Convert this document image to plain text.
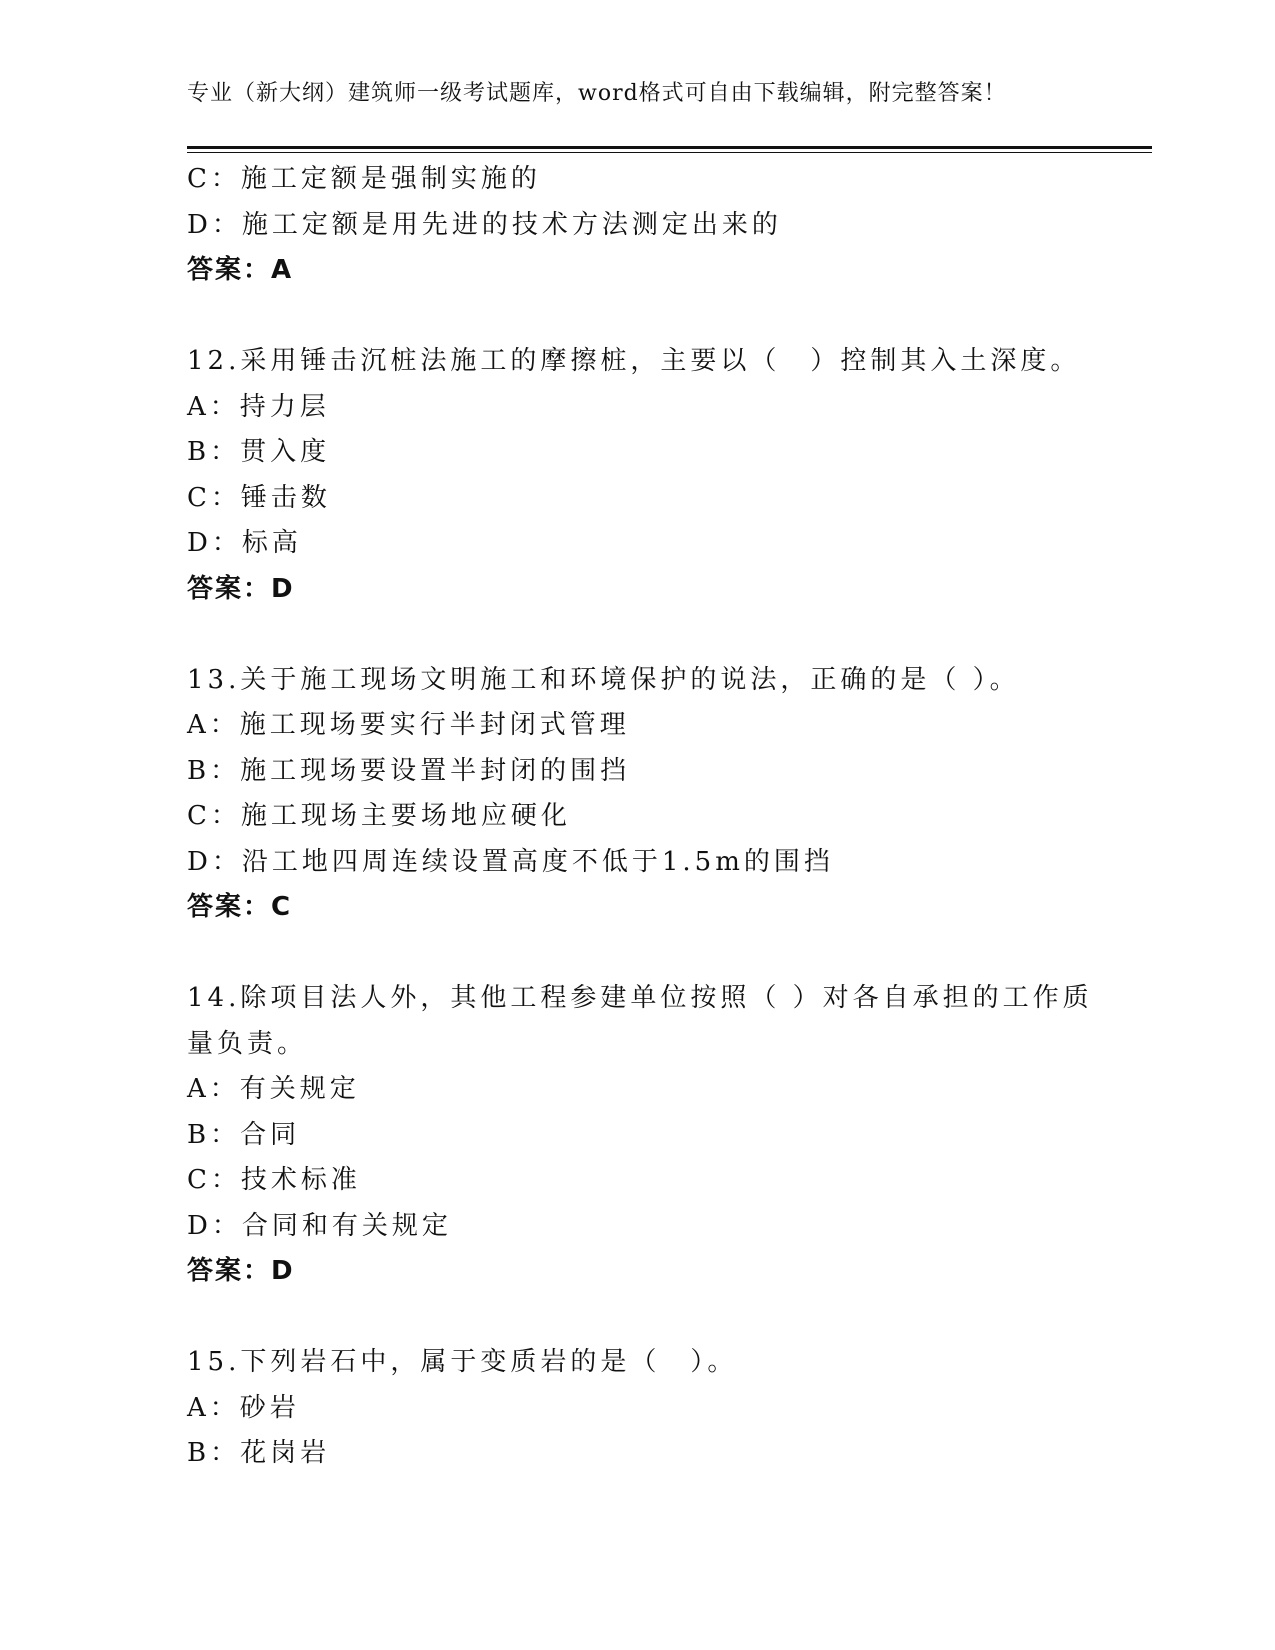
专业（新大纲）建筑师一级考试题库，word格式可自由下载编辑，附完整答案！
C：施工定额是强制实施的
D：施工定额是用先进的技术方法测定出来的
答案：A
12.采用锤击沉桩法施工的摩擦桩，主要以（　）控制其入土深度。
A：持力层
B：贯入度
C：锤击数
D：标高
答案：D
13.关于施工现场文明施工和环境保护的说法，正确的是（ ）。
A：施工现场要实行半封闭式管理
B：施工现场要设置半封闭的围挡
C：施工现场主要场地应硬化
D：沿工地四周连续设置高度不低于1.5m的围挡
答案：C
14.除项目法人外，其他工程参建单位按照（ ）对各自承担的工作质
量负责。
A：有关规定
B：合同
C：技术标准
D：合同和有关规定
答案：D
15.下列岩石中，属于变质岩的是（　）。
A：砂岩
B：花岗岩
